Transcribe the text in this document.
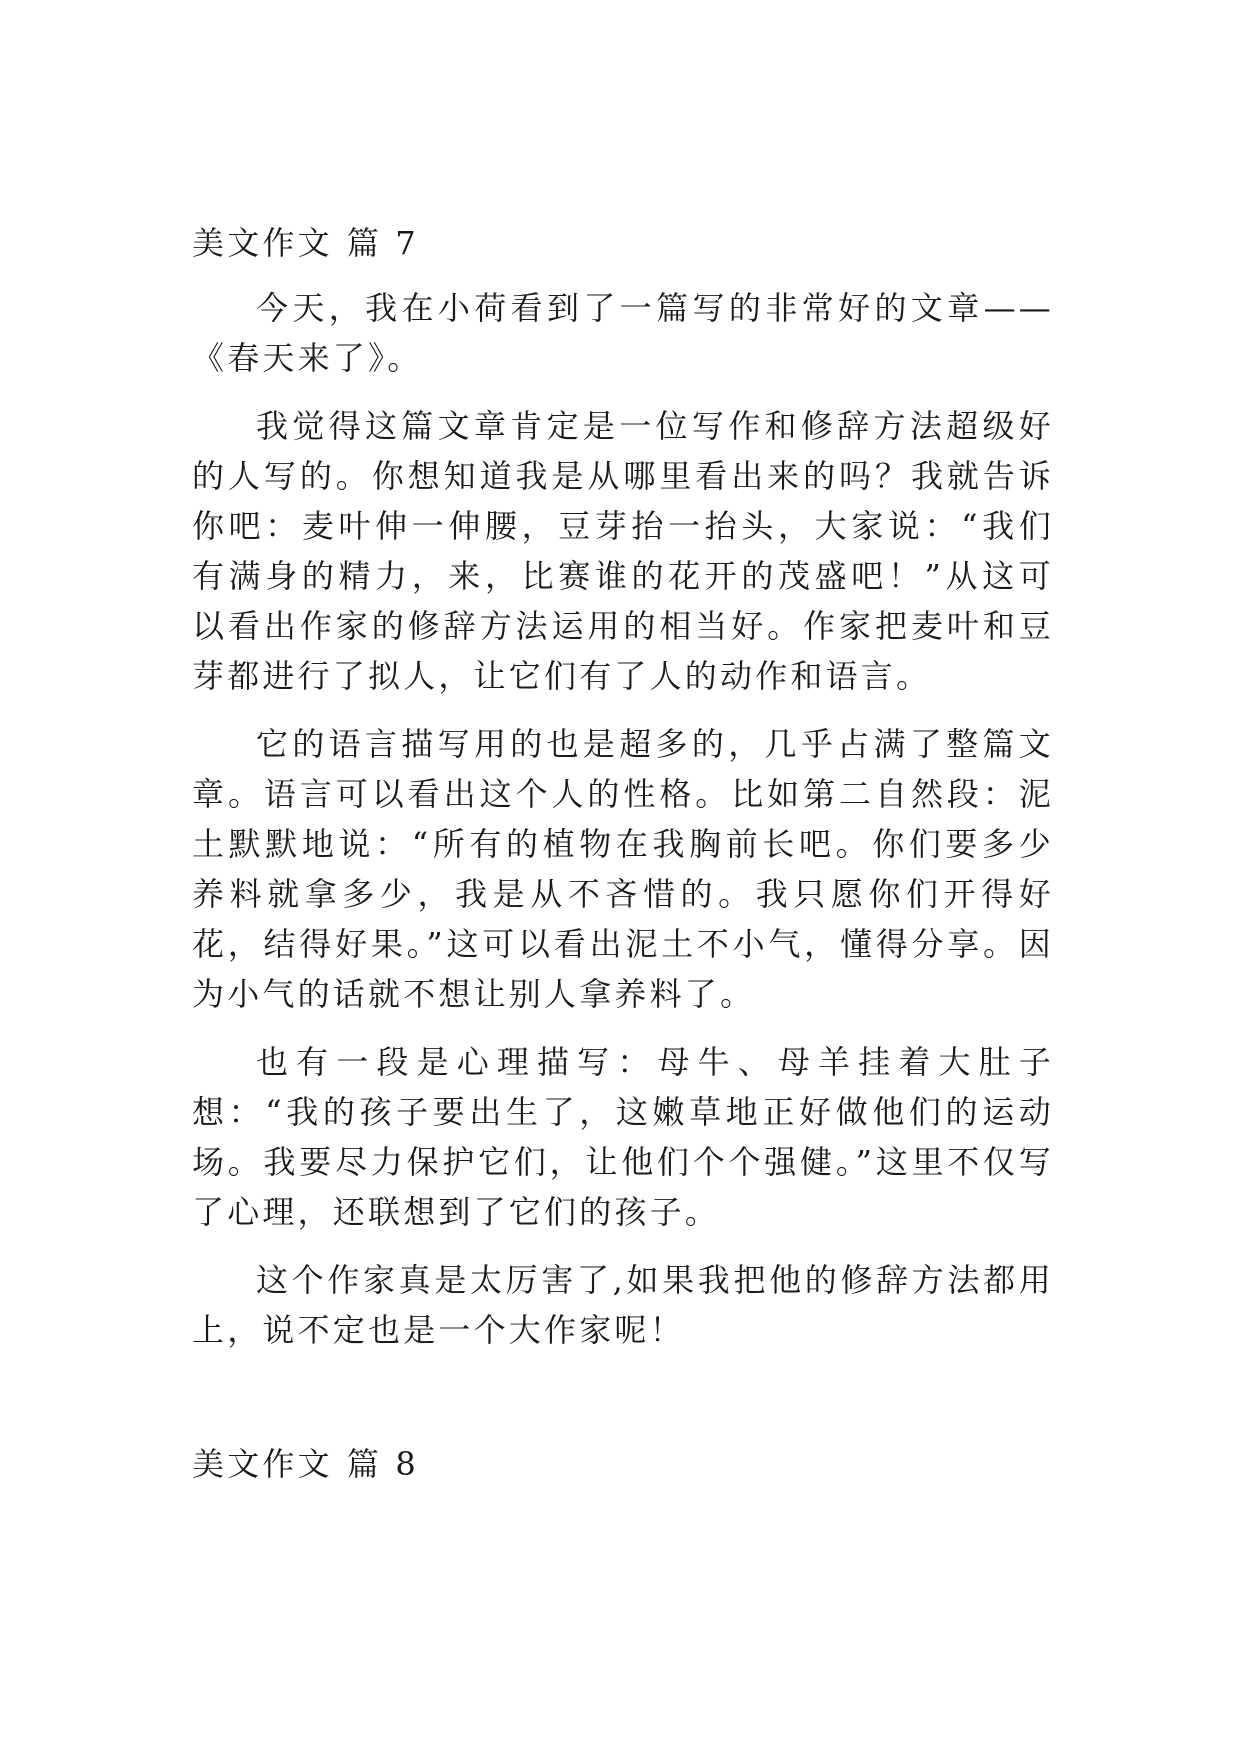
美文作文 篇 7

今天，我在小荷看到了一篇写的非常好的文章——《春天来了》。

我觉得这篇文章肯定是一位写作和修辞方法超级好的人写的。你想知道我是从哪里看出来的吗？我就告诉你吧：麦叶伸一伸腰，豆芽抬一抬头，大家说：“我们有满身的精力，来，比赛谁的花开的茂盛吧！”从这可以看出作家的修辞方法运用的相当好。作家把麦叶和豆芽都进行了拟人，让它们有了人的动作和语言。

它的语言描写用的也是超多的，几乎占满了整篇文章。语言可以看出这个人的性格。比如第二自然段：泥土默默地说：“所有的植物在我胸前长吧。你们要多少养料就拿多少，我是从不吝惜的。我只愿你们开得好花，结得好果。”这可以看出泥土不小气，懂得分享。因为小气的话就不想让别人拿养料了。

也有一段是心理描写：母牛、母羊挂着大肚子想：“我的孩子要出生了，这嫩草地正好做他们的运动场。我要尽力保护它们，让他们个个强健。”这里不仅写了心理，还联想到了它们的孩子。

这个作家真是太厉害了,如果我把他的修辞方法都用上，说不定也是一个大作家呢！

美文作文 篇 8
